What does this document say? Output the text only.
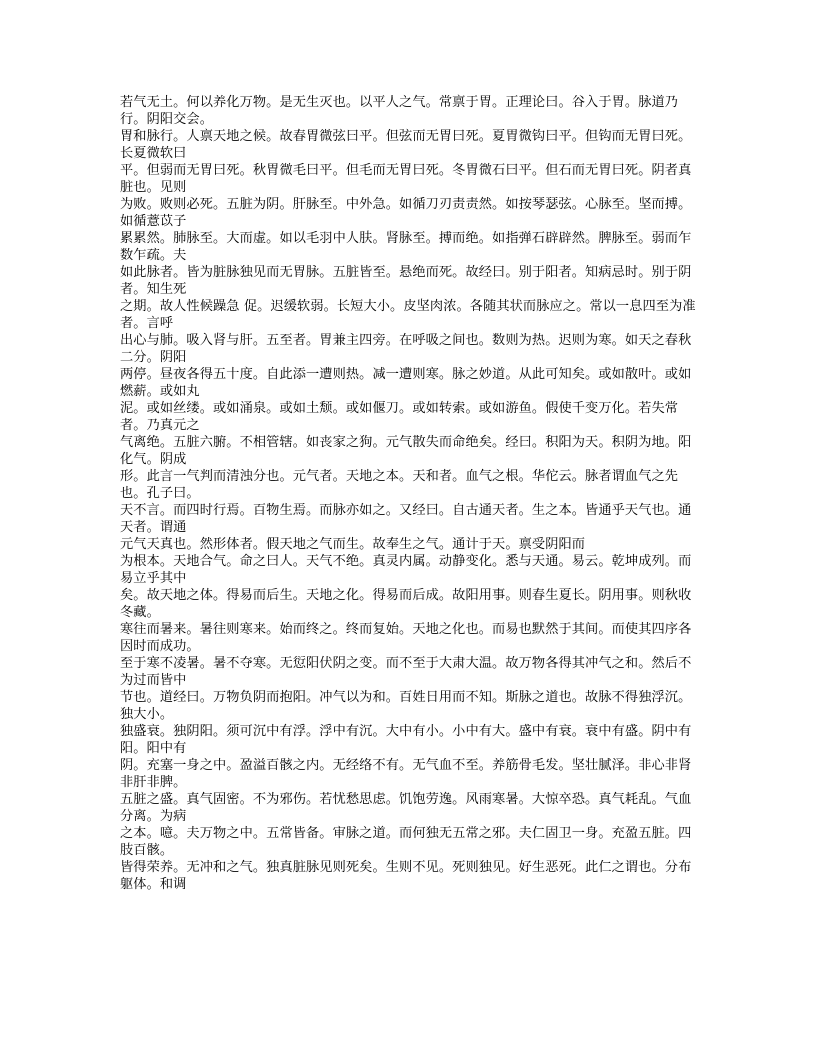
若气无土。何以养化万物。是无生灭也。以平人之气。常禀于胃。正理论曰。谷入于胃。脉道乃行。阴阳交会。

胃和脉行。人禀天地之候。故春胃微弦曰平。但弦而无胃曰死。夏胃微钩曰平。但钩而无胃曰死。长夏微软曰

平。但弱而无胃曰死。秋胃微毛曰平。但毛而无胃曰死。冬胃微石曰平。但石而无胃曰死。阴者真脏也。见则

为败。败则必死。五脏为阴。肝脉至。中外急。如循刀刃责责然。如按琴瑟弦。心脉至。坚而搏。如循薏苡子

累累然。肺脉至。大而虚。如以毛羽中人肤。肾脉至。搏而绝。如指弹石辟辟然。脾脉至。弱而乍数乍疏。夫

如此脉者。皆为脏脉独见而无胃脉。五脏皆至。悬绝而死。故经曰。别于阳者。知病忌时。别于阴者。知生死

之期。故人性候躁急 促。迟缓软弱。长短大小。皮坚肉浓。各随其状而脉应之。常以一息四至为准者。言呼

出心与肺。吸入肾与肝。五至者。胃兼主四旁。在呼吸之间也。数则为热。迟则为寒。如天之春秋二分。阴阳

两停。昼夜各得五十度。自此添一遭则热。减一遭则寒。脉之妙道。从此可知矣。或如散叶。或如燃薪。或如丸

泥。或如丝缕。或如涌泉。或如土颓。或如偃刀。或如转索。或如游鱼。假使千变万化。若失常者。乃真元之

气离绝。五脏六腑。不相管辖。如丧家之狗。元气散失而命绝矣。经曰。积阳为天。积阴为地。阳化气。阴成

形。此言一气判而清浊分也。元气者。天地之本。天和者。血气之根。华佗云。脉者谓血气之先也。孔子曰。

天不言。而四时行焉。百物生焉。而脉亦如之。又经曰。自古通天者。生之本。皆通乎天气也。通天者。谓通

元气天真也。然形体者。假天地之气而生。故奉生之气。通计于天。禀受阴阳而

为根本。天地合气。命之曰人。天气不绝。真灵内属。动静变化。悉与天通。易云。乾坤成列。而易立乎其中

矣。故天地之体。得易而后生。天地之化。得易而后成。故阳用事。则春生夏长。阴用事。则秋收冬藏。

寒往而暑来。暑往则寒来。始而终之。终而复始。天地之化也。而易也默然于其间。而使其四序各因时而成功。

至于寒不凌暑。暑不夺寒。无愆阳伏阴之变。而不至于大肃大温。故万物各得其冲气之和。然后不为过而皆中

节也。道经曰。万物负阴而抱阳。冲气以为和。百姓日用而不知。斯脉之道也。故脉不得独浮沉。独大小。

独盛衰。独阴阳。须可沉中有浮。浮中有沉。大中有小。小中有大。盛中有衰。衰中有盛。阴中有阳。阳中有

阴。充塞一身之中。盈溢百骸之内。无经络不有。无气血不至。养筋骨毛发。坚壮腻泽。非心非肾非肝非脾。

五脏之盛。真气固密。不为邪伤。若忧愁思虑。饥饱劳逸。风雨寒暑。大惊卒恐。真气耗乱。气血分离。为病

之本。噫。夫万物之中。五常皆备。审脉之道。而何独无五常之邪。夫仁固卫一身。充盈五脏。四肢百骸。

皆得荣养。无冲和之气。独真脏脉见则死矣。生则不见。死则独见。好生恶死。此仁之谓也。分布躯体。和调
